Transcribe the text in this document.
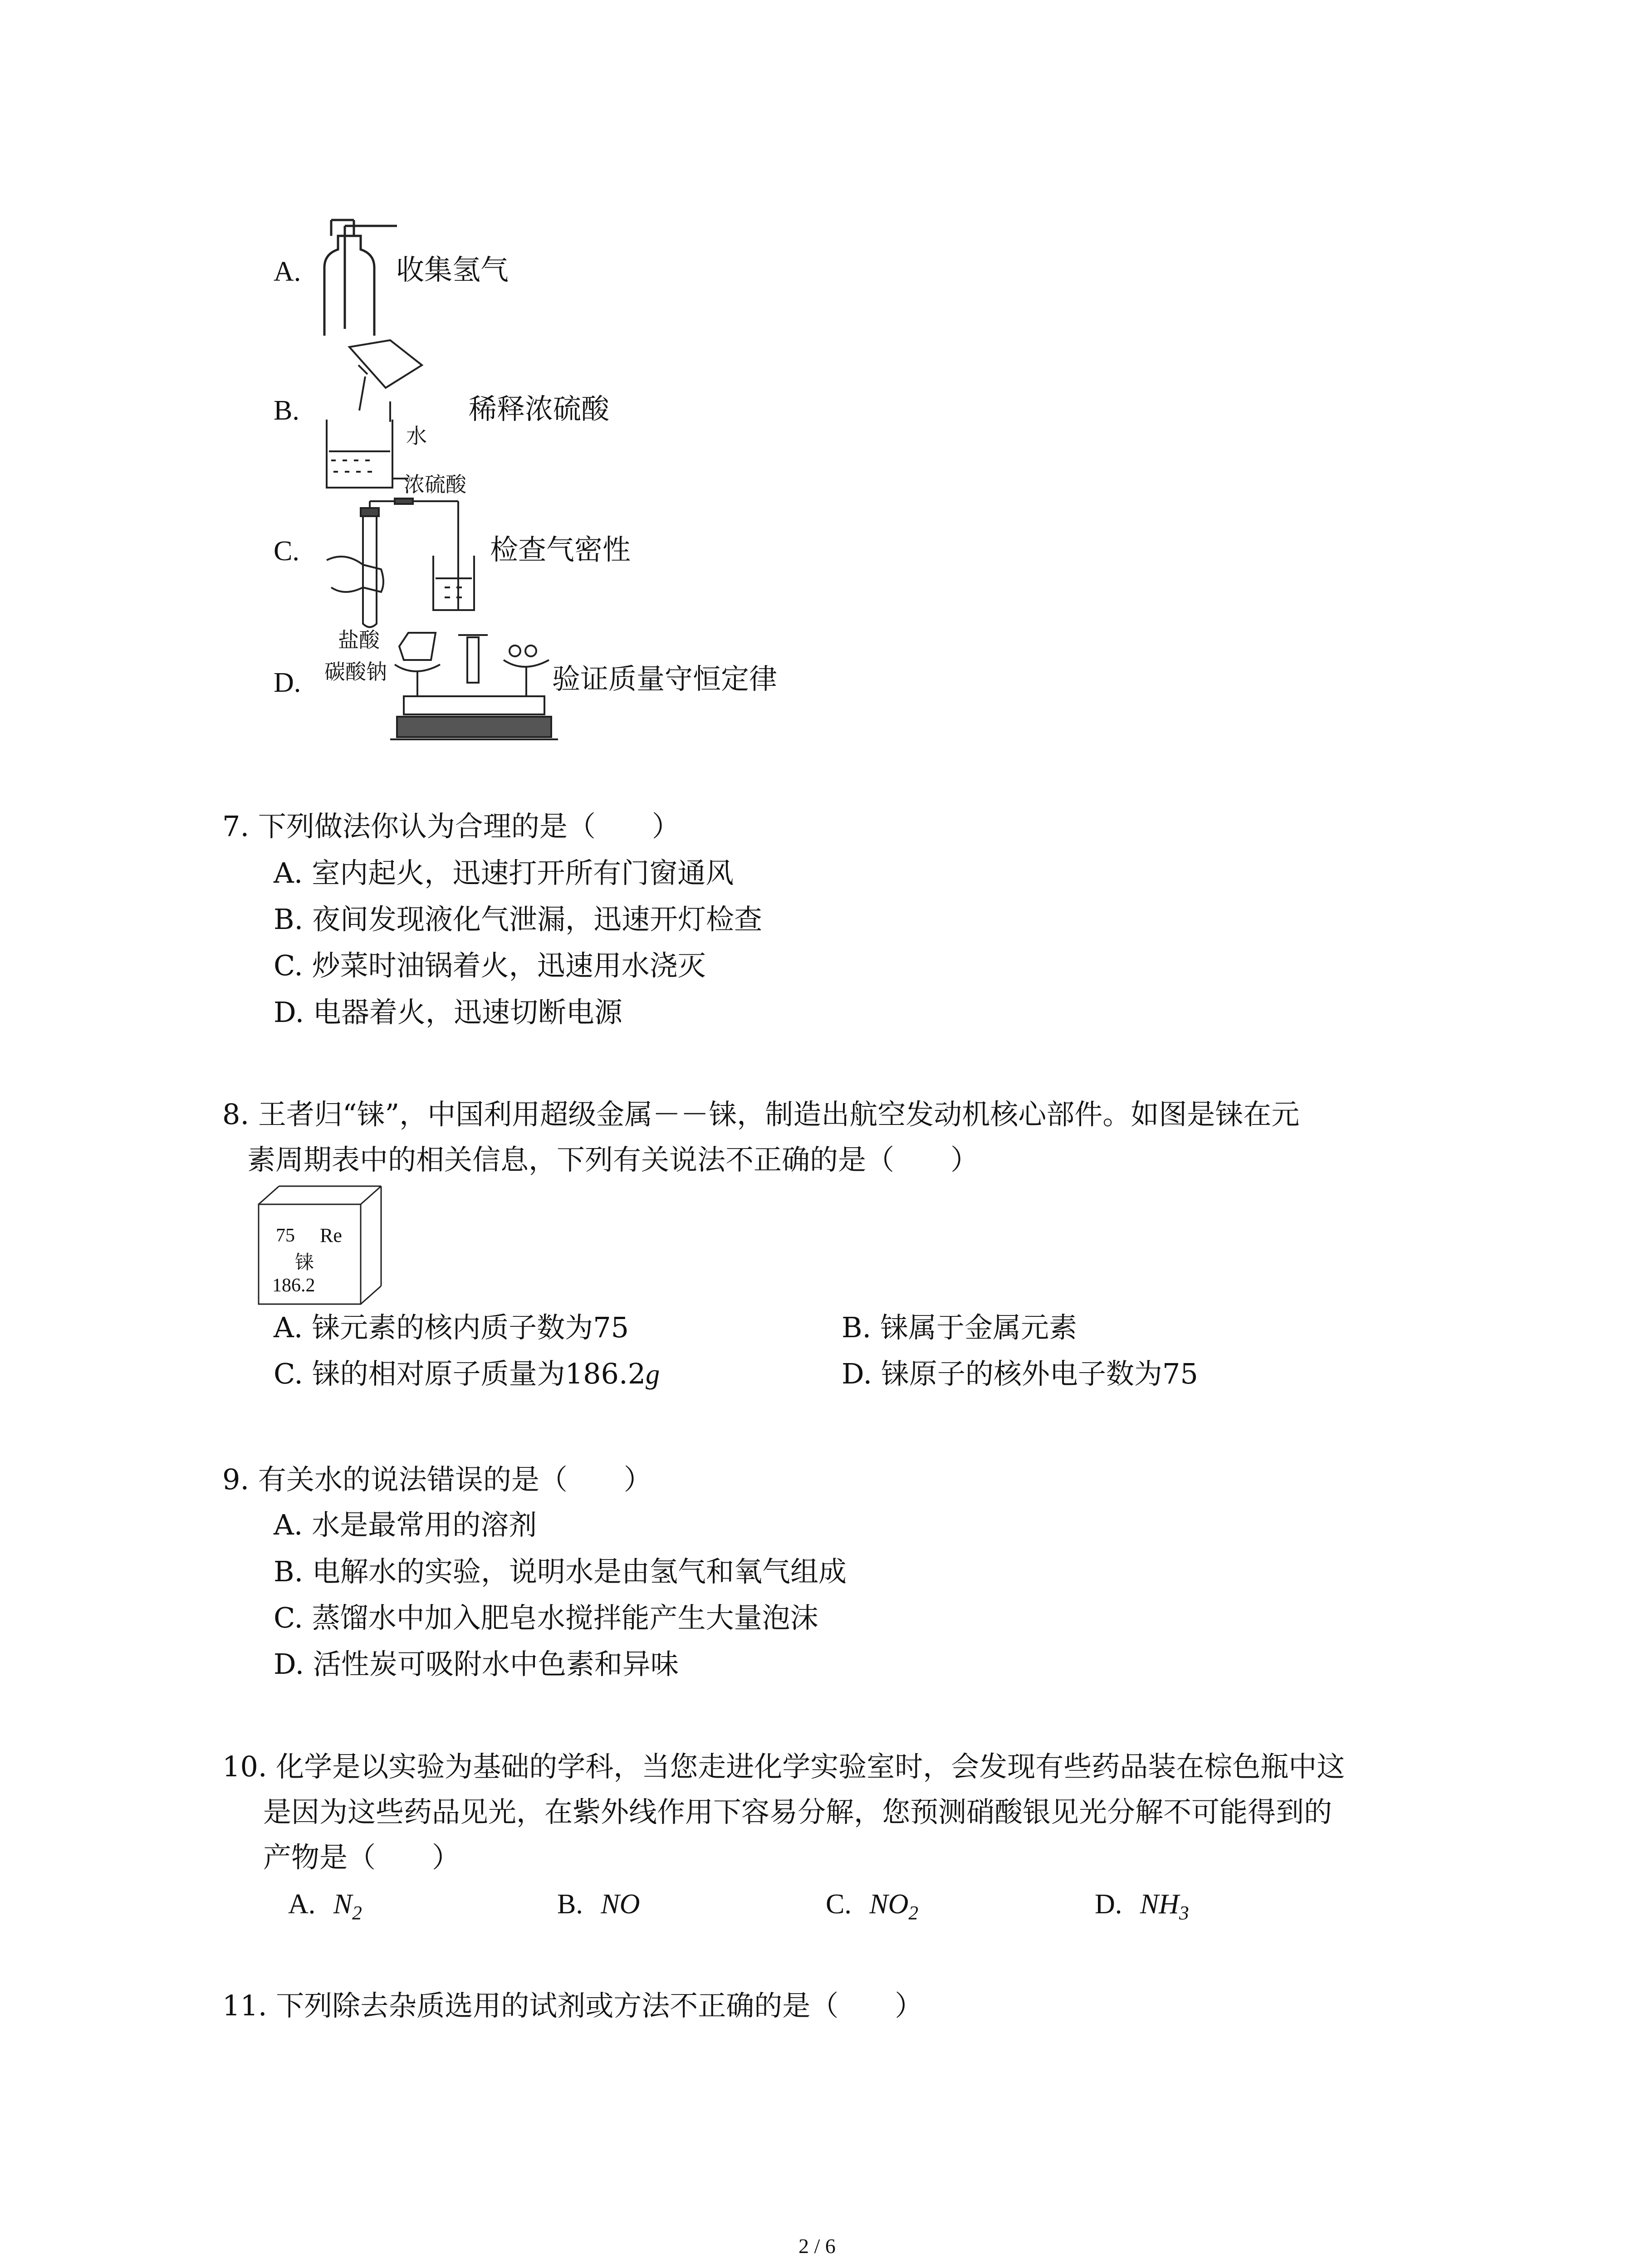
A.	收集氢气
B.
水
浓硫酸
稀释浓硫酸
C.	检查气密性
D.
盐酸
碳酸钠	验证质量守恒定律
7. 下列做法你认为合理的是（　　）
A. 室内起火，迅速打开所有门窗通风
B. 夜间发现液化气泄漏，迅速开灯检查
C. 炒菜时油锅着火，迅速用水浇灭
D. 电器着火，迅速切断电源
8. 王者归“铼”，中国利用超级金属－－铼，制造出航空发动机核心部件。如图是铼在元
素周期表中的相关信息，下列有关说法不正确的是（　　）
75 Re
铼
186.2
A. 铼元素的核内质子数为75	B. 铼属于金属元素
C. 铼的相对原子质量为186.2g	D. 铼原子的核外电子数为75
9. 有关水的说法错误的是（　　）
A. 水是最常用的溶剂
B. 电解水的实验，说明水是由氢气和氧气组成
C. 蒸馏水中加入肥皂水搅拌能产生大量泡沫
D. 活性炭可吸附水中色素和异味
10. 化学是以实验为基础的学科，当您走进化学实验室时，会发现有些药品装在棕色瓶中这
是因为这些药品见光，在紫外线作用下容易分解，您预测硝酸银见光分解不可能得到的
产物是（　　）
A. $N_2$	B. NO	C. $NO_2$	D. $NH_3$
11. 下列除去杂质选用的试剂或方法不正确的是（　　）
2 / 6
